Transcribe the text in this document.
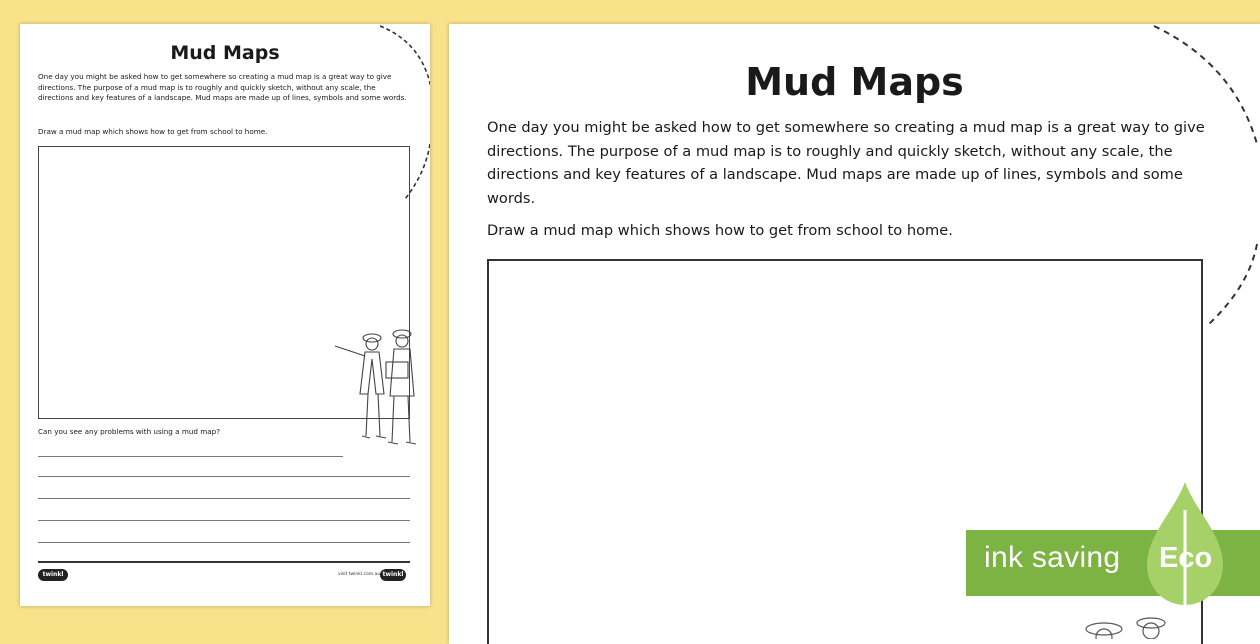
Mud Maps
One day you might be asked how to get somewhere so creating a mud map is a great way to give directions. The purpose of a mud map is to roughly and quickly sketch, without any scale, the directions and key features of a landscape. Mud maps are made up of lines, symbols and some words.
Draw a mud map which shows how to get from school to home.
Can you see any problems with using a mud map?
twinkl	visit twinkl.com.au twinkl
Mud Maps
One day you might be asked how to get somewhere so creating a mud map is a great way to give directions. The purpose of a mud map is to roughly and quickly sketch, without any scale, the directions and key features of a landscape. Mud maps are made up of lines, symbols and some words.
Draw a mud map which shows how to get from school to home.
ink saving Eco
